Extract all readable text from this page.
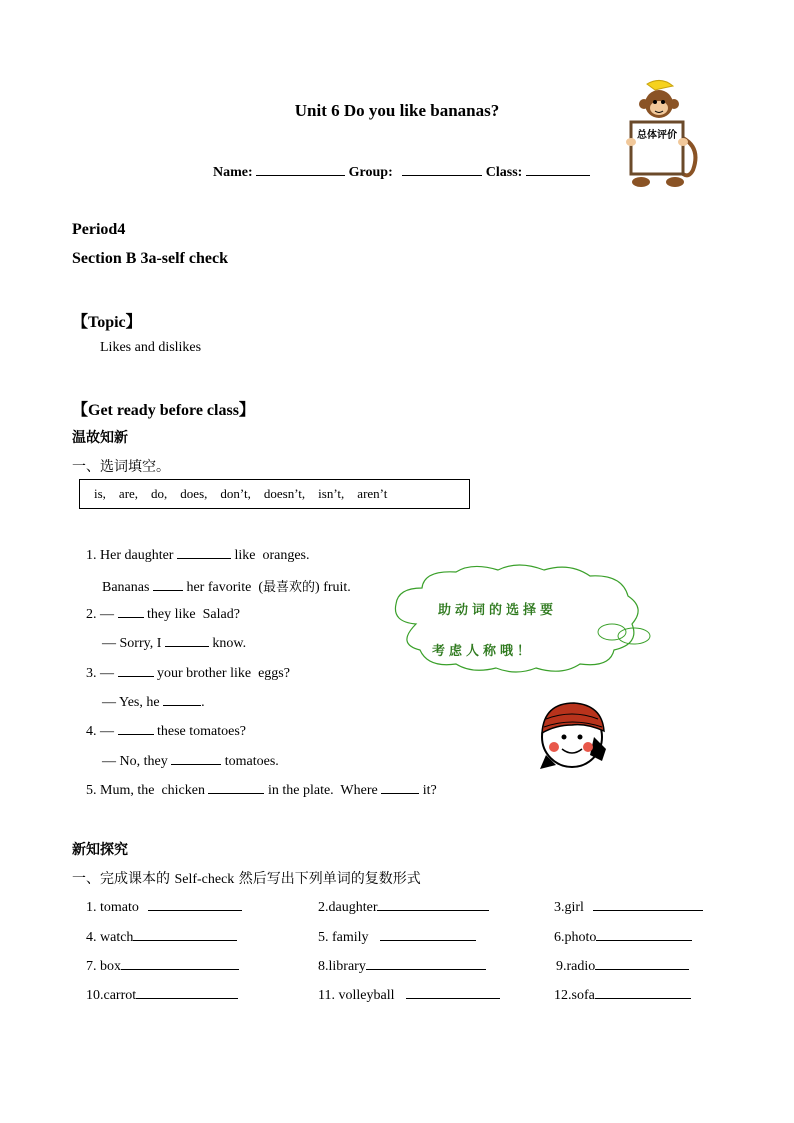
Unit 6 Do you like bananas?
总体评价
Name:	Group:	Class:
Period4
Section B 3a-self check
【Topic】
Likes and dislikes
【Get ready before class】
温故知新
一、选词填空。
is, are, do, does, don’t, doesn’t, isn’t, aren’t
1. Her daughter	like  oranges.
Bananas  her favorite  (最喜欢的) fruit.
2. —  they like  Salad?
— Sorry, I	know.
3. —	your brother like  eggs?
— Yes, he	.
4. —	these tomatoes?
— No, they	tomatoes.
5. Mum, the  chicken	in the plate.  Where	it?
助动词的选择要
考虑人称哦！
新知探究
一、完成课本的 Self-check 然后写出下列单词的复数形式
1. tomato	2.daughter	3.girl
4. watch	5. family	6.photo
7. box	8.library	9.radio
10.carrot	11. volleyball	12.sofa
